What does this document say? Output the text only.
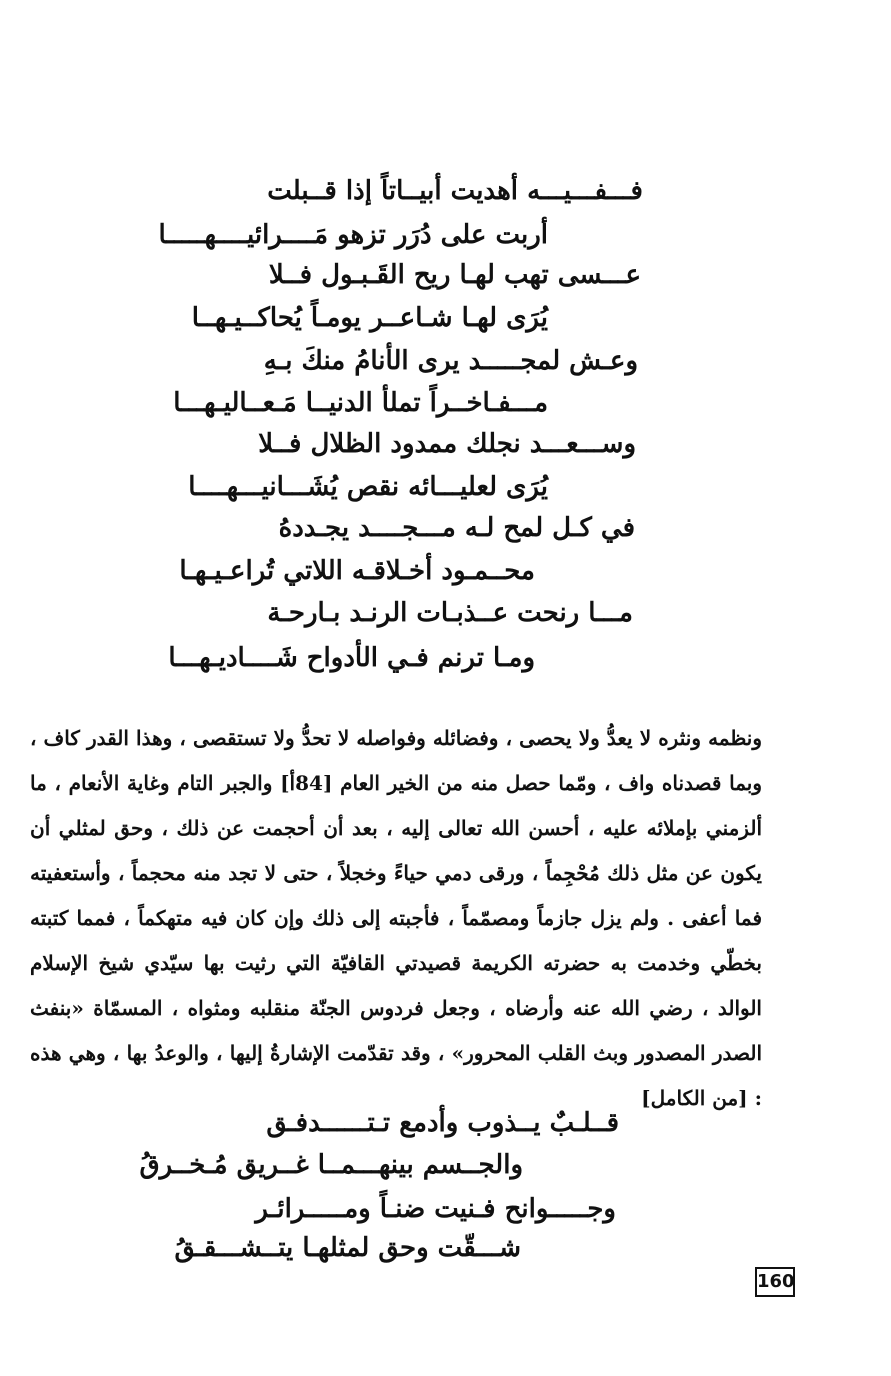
فـــفـــيـــه أهديت أبيــاتاً إذا قــبلت
أربت على دُرَر تزهو مَــــرائيــــهـــــا
عـــسى تهب لهـا ريح القَـبـول فــلا
يُرَى لهـا شـاعــر يومـاً يُحاكــيـهــا
وعـش لمجـــــد يرى الأنامُ منكَ بـهِ
مـــفـاخــراً تملأ الدنيــا مَـعــاليـهـــا
وســـعـــد نجلك ممدود الظلال فــلا
يُرَى لعليـــائه نقص يُشَـــانيـــهــــا
في كـل لمح لـه مـــجــــد يجـددهُ
محــمـود أخـلاقـه اللاتي تُراعـيـهـا
مـــا رنحت عــذبـات الرنـد بـارحـة
ومـا ترنم فـي الأدواح شَــــاديـهـــا

ونظمه ونثره لا يعدُّ ولا يحصى ، وفضائله وفواصله لا تحدُّ ولا تستقصى ، وهذا القدر كاف ، وبما قصدناه واف ، ومّما حصل منه من الخير العام [84أ] والجبر التام وغاية الأنعام ، ما ألزمني بإملائه عليه ، أحسن الله تعالى إليه ، بعد أن أحجمت عن ذلك ، وحق لمثلي أن يكون عن مثل ذلك مُحْجِماً ، ورقى دمي حياءً وخجلاً ، حتى لا تجد منه محجماً ، وأستعفيته فما أعفى . ولم يزل جازماً ومصمّماً ، فأجبته إلى ذلك وإن كان فيه متهكماً ، فمما كتبته بخطّي وخدمت به حضرته الكريمة قصيدتي القافيّة التي رثيت بها سيّدي شيخ الإسلام الوالد ، رضي الله عنه وأرضاه ، وجعل فردوس الجنّة منقلبه ومثواه ، المسمّاة «بنفث الصدر المصدور وبث القلب المحرور» ، وقد تقدّمت الإشارةُ إليها ، والوعدُ بها ، وهي هذه : [من الكامل]

قــلـبٌ يــذوب وأدمع تـتــــــدفـق
والجــسم بينهـــمــا غــريق مُـخــرقُ
وجـــــوانح فـنيت ضنـاً ومـــــرائـر
شـــقّت وحق لمثلهـا يتــشـــقـقُ
160
